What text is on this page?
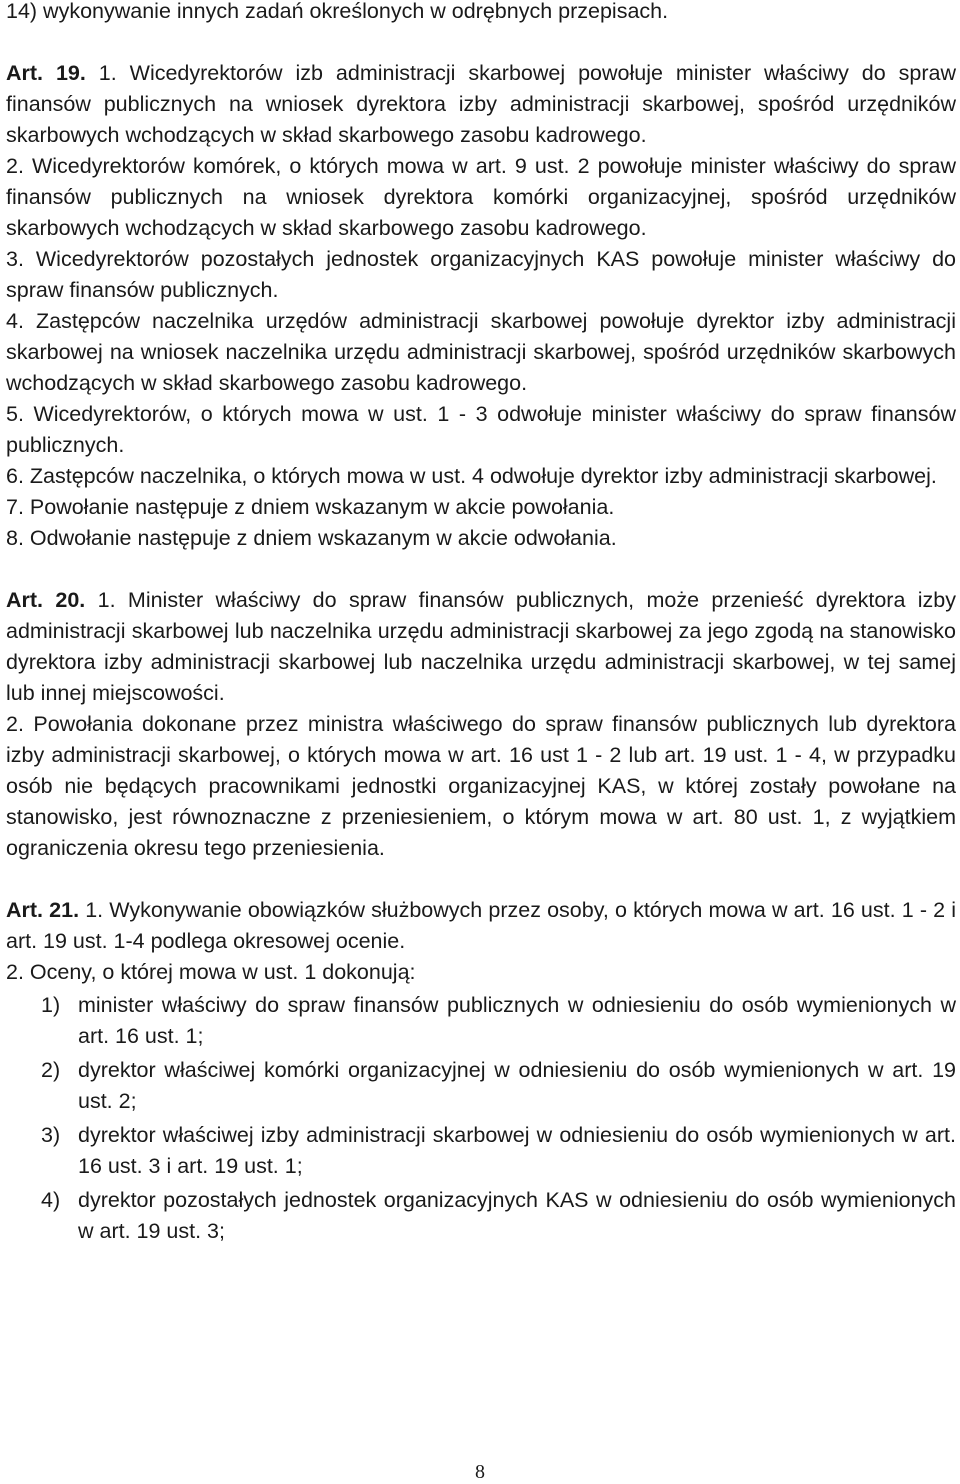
14) wykonywanie innych zadań określonych w odrębnych przepisach.

Art. 19. 1. Wicedyrektorów izb administracji skarbowej powołuje minister właściwy do spraw finansów publicznych na wniosek dyrektora izby administracji skarbowej, spośród urzędników skarbowych wchodzących w skład skarbowego zasobu kadrowego.

2. Wicedyrektorów komórek, o których mowa w art. 9 ust. 2 powołuje minister właściwy do spraw finansów publicznych na wniosek dyrektora komórki organizacyjnej, spośród urzędników skarbowych wchodzących w skład skarbowego zasobu kadrowego.

3. Wicedyrektorów pozostałych jednostek organizacyjnych KAS powołuje minister właściwy do spraw finansów publicznych.

4. Zastępców naczelnika urzędów administracji skarbowej powołuje dyrektor izby administracji skarbowej na wniosek naczelnika urzędu administracji skarbowej, spośród urzędników skarbowych wchodzących w skład skarbowego zasobu kadrowego.

5. Wicedyrektorów, o których mowa w ust. 1 - 3 odwołuje minister właściwy do spraw finansów publicznych.

6. Zastępców naczelnika, o których mowa w ust. 4 odwołuje dyrektor izby administracji skarbowej.

7. Powołanie następuje z dniem wskazanym w akcie powołania.

8. Odwołanie następuje z dniem wskazanym w akcie odwołania.

Art. 20. 1. Minister właściwy do spraw finansów publicznych, może przenieść dyrektora izby administracji skarbowej lub naczelnika urzędu administracji skarbowej za jego zgodą na stanowisko dyrektora izby administracji skarbowej lub naczelnika urzędu administracji skarbowej, w tej samej lub innej miejscowości.

2. Powołania dokonane przez ministra właściwego do spraw finansów publicznych lub dyrektora izby administracji skarbowej, o których mowa w art. 16 ust 1 - 2 lub art. 19 ust. 1 - 4, w przypadku osób nie będących pracownikami jednostki organizacyjnej KAS, w której zostały powołane na stanowisko, jest równoznaczne z przeniesieniem, o którym mowa w art. 80 ust. 1, z wyjątkiem ograniczenia okresu tego przeniesienia.

Art. 21. 1. Wykonywanie obowiązków służbowych przez osoby, o których mowa w art. 16 ust. 1 - 2 i art. 19 ust. 1-4 podlega okresowej ocenie.

2. Oceny, o której mowa w ust. 1 dokonują:

1) minister właściwy do spraw finansów publicznych w odniesieniu do osób wymienionych w art. 16 ust. 1;
2) dyrektor właściwej komórki organizacyjnej w odniesieniu do osób wymienionych w art. 19 ust. 2;
3) dyrektor właściwej izby administracji skarbowej w odniesieniu do osób wymienionych w art. 16 ust. 3 i art. 19 ust. 1;
4) dyrektor pozostałych jednostek organizacyjnych KAS w odniesieniu do osób wymienionych w art. 19 ust. 3;
8
